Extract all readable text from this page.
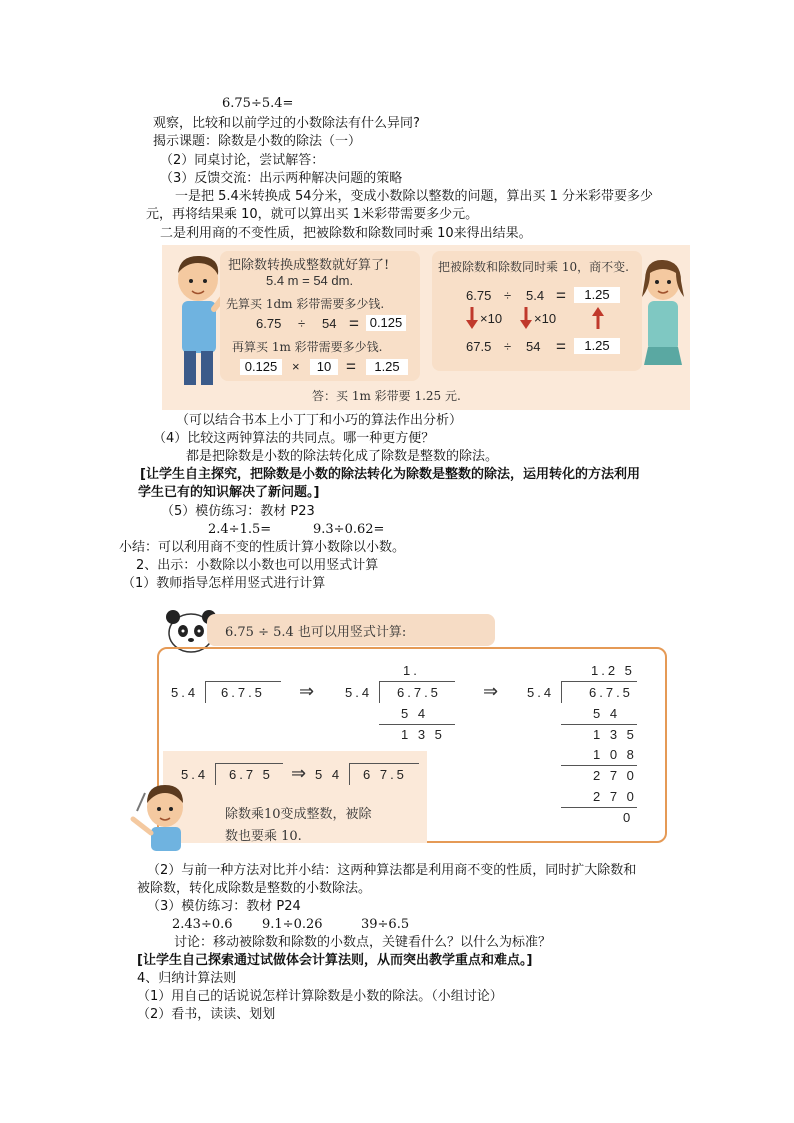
6.75÷5.4=
观察，比较和以前学过的小数除法有什么异同?
揭示课题：除数是小数的除法（一）
（2）同桌讨论，尝试解答：
（3）反馈交流：出示两种解决问题的策略
一是把 5.4米转换成 54分米，变成小数除以整数的问题，算出买 1 分米彩带要多少
元，再将结果乘 10，就可以算出买 1米彩带需要多少元。
二是利用商的不变性质，把被除数和除数同时乘 10来得出结果。
把除数转换成整数就好算了!
5.4 m = 54 dm.
先算买 1dm 彩带需要多少钱.
6.75 ÷ 54 = 0.125
再算买 1m 彩带需要多少钱.
0.125	×	10 =	1.25
答：买 1m 彩带要 1.25 元.
把被除数和除数同时乘 10，商不变.
6.75 ÷ 5.4 =	1.25
×10 ×10
67.5 ÷ 54 =	1.25
（可以结合书本上小丁丁和小巧的算法作出分析）
（4）比较这两钟算法的共同点。哪一种更方便？
都是把除数是小数的除法转化成了除数是整数的除法。
[让学生自主探究，把除数是小数的除法转化为除数是整数的除法，运用转化的方法利用
学生已有的知识解决了新问题。]
（5）模仿练习：教材 P23
2.4÷1.5=	9.3÷0.62=
小结：可以利用商不变的性质计算小数除以小数。
2、出示：小数除以小数也可以用竖式计算
（1）教师指导怎样用竖式进行计算
6.75 ÷ 5.4 也可以用竖式计算:
5.4 6.7.5 ⇒
1.
5.4 6.7.5
5 4
1 3 5
⇒
1.2 5
5.4	6.7.5
5 4
1 3 5
1 0 8
2 7 0
2 7 0
0
5.4 6.7 5 ⇒ 5 4 6 7.5
除数乘10变成整数，被除
数也要乘 10.
（2）与前一种方法对比并小结：这两种算法都是利用商不变的性质，同时扩大除数和
被除数，转化成除数是整数的小数除法。
（3）模仿练习：教材 P24
2.43÷0.6 9.1÷0.26	39÷6.5
讨论：移动被除数和除数的小数点，关键看什么？以什么为标准？
[让学生自己探索通过试做体会计算法则，从而突出教学重点和难点。]
4、归纳计算法则
（1）用自己的话说说怎样计算除数是小数的除法。（小组讨论）
（2）看书，读读、划划
